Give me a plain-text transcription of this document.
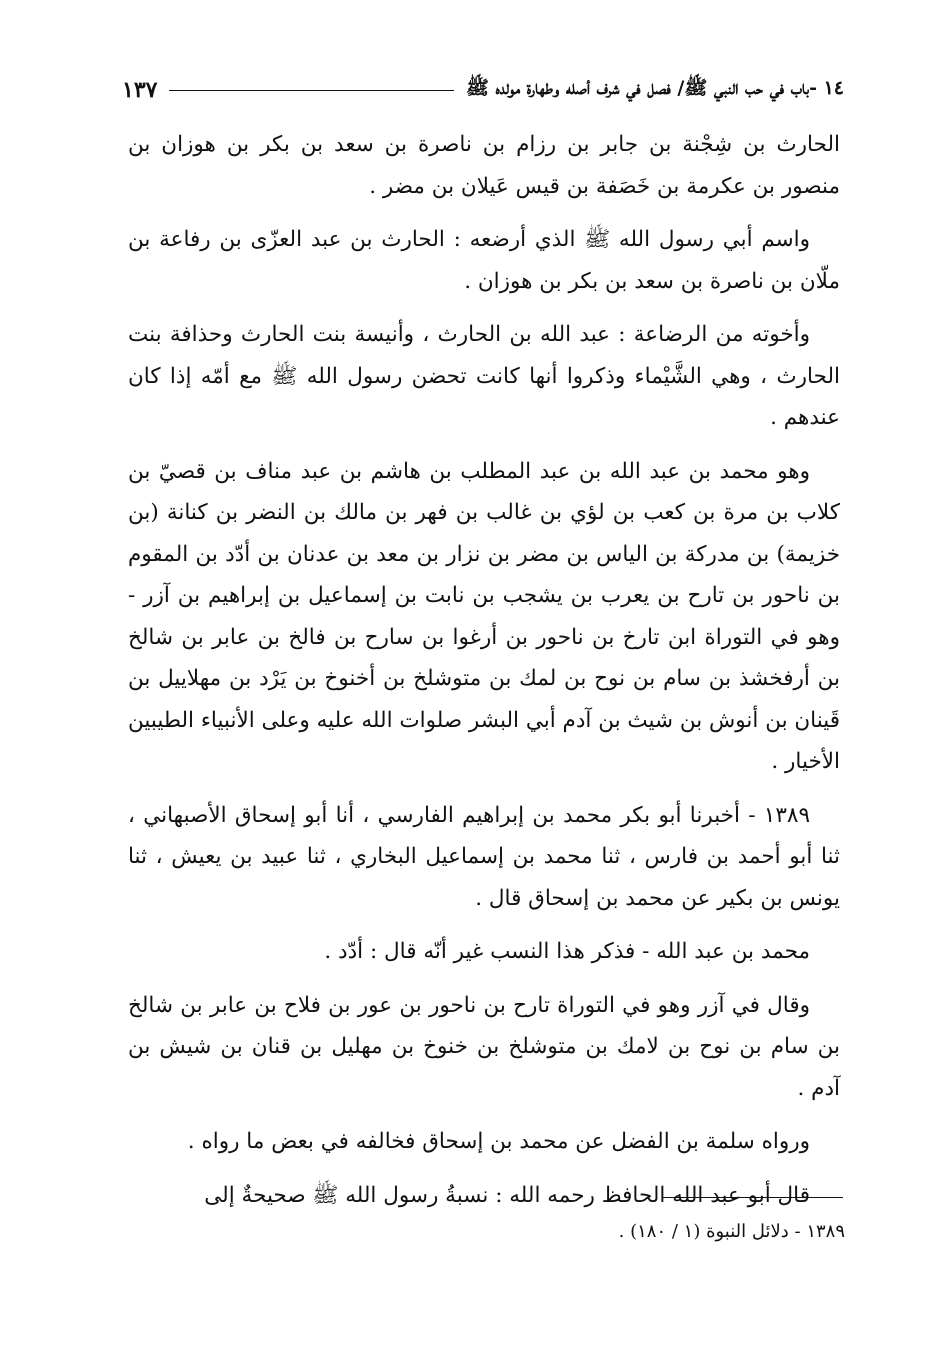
١٤ -باب في حب النبي ﷺ/ فصل في شرف أصله وطهارة مولده ﷺ
١٣٧

الحارث بن شِجْنة بن جابر بن رزام بن ناصرة بن سعد بن بكر بن هوزان بن منصور بن عكرمة بن خَصَفة بن قيس عَيلان بن مضر .

واسم أبي رسول الله ﷺ الذي أرضعه : الحارث بن عبد العزّى بن رفاعة بن ملّان بن ناصرة بن سعد بن بكر بن هوزان .

وأخوته من الرضاعة : عبد الله بن الحارث ، وأنيسة بنت الحارث وحذافة بنت الحارث ، وهي الشَّيْماء وذكروا أنها كانت تحضن رسول الله ﷺ مع أمّه إذا كان عندهم .

وهو محمد بن عبد الله بن عبد المطلب بن هاشم بن عبد مناف بن قصيّ بن كلاب بن مرة بن كعب بن لؤي بن غالب بن فهر بن مالك بن النضر بن كنانة (بن خزيمة) بن مدركة بن الياس بن مضر بن نزار بن معد بن عدنان بن أدّد بن المقوم بن ناحور بن تارح بن يعرب بن يشجب بن نابت بن إسماعيل بن إبراهيم بن آزر - وهو في التوراة ابن تارخ بن ناحور بن أرغوا بن سارح بن فالخ بن عابر بن شالخ بن أرفخشذ بن سام بن نوح بن لمك بن متوشلخ بن أخنوخ بن يَرْد بن مهلاييل بن قَينان بن أنوش بن شيث بن آدم أبي البشر صلوات الله عليه وعلى الأنبياء الطيبين الأخيار .

١٣٨٩ - أخبرنا أبو بكر محمد بن إبراهيم الفارسي ، أنا أبو إسحاق الأصبهاني ، ثنا أبو أحمد بن فارس ، ثنا محمد بن إسماعيل البخاري ، ثنا عبيد بن يعيش ، ثنا يونس بن بكير عن محمد بن إسحاق قال .

محمد بن عبد الله - فذكر هذا النسب غير أنّه قال : أدّد .

وقال في آزر وهو في التوراة تارح بن ناحور بن عور بن فلاح بن عابر بن شالخ بن سام بن نوح بن لامك بن متوشلخ بن خنوخ بن مهليل بن قنان بن شيش بن آدم .

ورواه سلمة بن الفضل عن محمد بن إسحاق فخالفه في بعض ما رواه .

قال أبو عبد الله الحافظ رحمه الله : نسبةُ رسول الله ﷺ صحيحةٌ إلى

١٣٨٩ - دلائل النبوة (١ / ١٨٠) .
